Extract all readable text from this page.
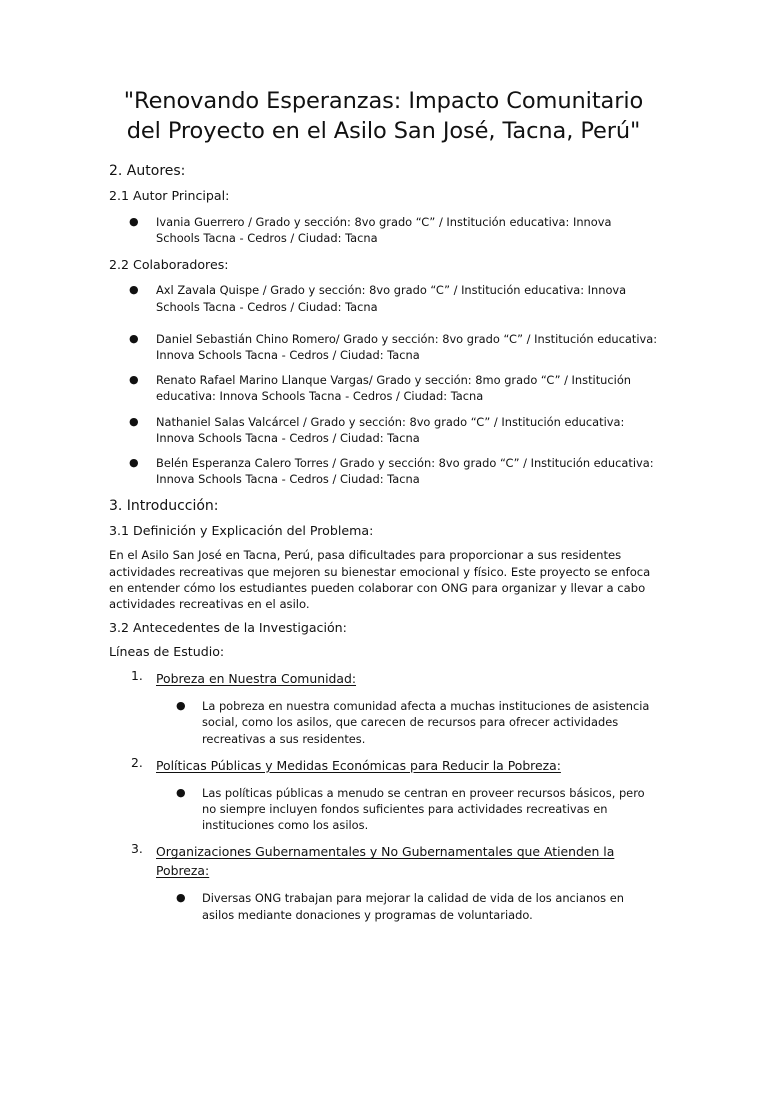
"Renovando Esperanzas: Impacto Comunitario del Proyecto en el Asilo San José, Tacna, Perú"
2. Autores:
2.1 Autor Principal:
● Ivania Guerrero / Grado y sección: 8vo grado “C” / Institución educativa: Innova Schools Tacna - Cedros / Ciudad: Tacna
2.2 Colaboradores:
● Axl Zavala Quispe / Grado y sección: 8vo grado “C” / Institución educativa: Innova Schools Tacna - Cedros / Ciudad: Tacna
● Daniel Sebastián Chino Romero/ Grado y sección: 8vo grado “C” / Institución educativa: Innova Schools Tacna - Cedros / Ciudad: Tacna
● Renato Rafael Marino Llanque Vargas/ Grado y sección: 8mo grado “C” / Institución educativa: Innova Schools Tacna - Cedros / Ciudad: Tacna
● Nathaniel Salas Valcárcel / Grado y sección: 8vo grado “C” / Institución educativa: Innova Schools Tacna - Cedros / Ciudad: Tacna
● Belén Esperanza Calero Torres / Grado y sección: 8vo grado “C” / Institución educativa: Innova Schools Tacna - Cedros / Ciudad: Tacna
3. Introducción:
3.1 Definición y Explicación del Problema:

En el Asilo San José en Tacna, Perú, pasa dificultades para proporcionar a sus residentes actividades recreativas que mejoren su bienestar emocional y físico. Este proyecto se enfoca en entender cómo los estudiantes pueden colaborar con ONG para organizar y llevar a cabo actividades recreativas en el asilo.

3.2 Antecedentes de la Investigación:
Líneas de Estudio:
1. Pobreza en Nuestra Comunidad:
● La pobreza en nuestra comunidad afecta a muchas instituciones de asistencia social, como los asilos, que carecen de recursos para ofrecer actividades recreativas a sus residentes.
2. Políticas Públicas y Medidas Económicas para Reducir la Pobreza:
● Las políticas públicas a menudo se centran en proveer recursos básicos, pero no siempre incluyen fondos suficientes para actividades recreativas en instituciones como los asilos.
3. Organizaciones Gubernamentales y No Gubernamentales que Atienden la Pobreza:
● Diversas ONG trabajan para mejorar la calidad de vida de los ancianos en asilos mediante donaciones y programas de voluntariado.
